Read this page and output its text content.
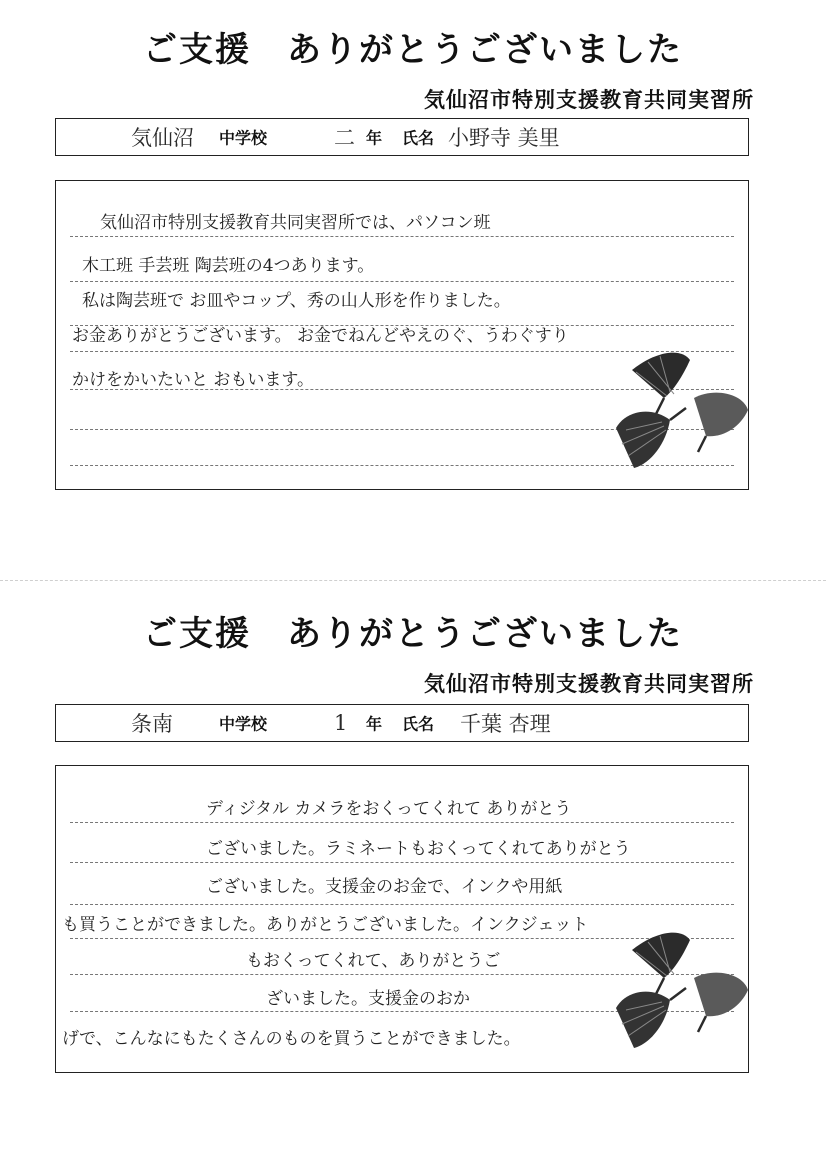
ご支援　ありがとうございました
気仙沼市特別支援教育共同実習所
気仙沼 中学校	二 年 氏名 小野寺 美里
気仙沼市特別支援教育共同実習所では、パソコン班
木工班 手芸班 陶芸班の4つあります。
私は陶芸班で お皿やコップ、秀の山人形を作りました。
お金ありがとうございます。 お金でねんどやえのぐ、うわぐすり
かけをかいたいと おもいます。
ご支援　ありがとうございました
気仙沼市特別支援教育共同実習所
条南	中学校	1 年 氏名 千葉 杏理
ディジタル カメラをおくってくれて ありがとう
ございました。ラミネートもおくってくれてありがとう
ございました。支援金のお金で、インクや用紙
も買うことができました。ありがとうございました。インクジェット
もおくってくれて、ありがとうご
ざいました。支援金のおか
げで、こんなにもたくさんのものを買うことができました。
